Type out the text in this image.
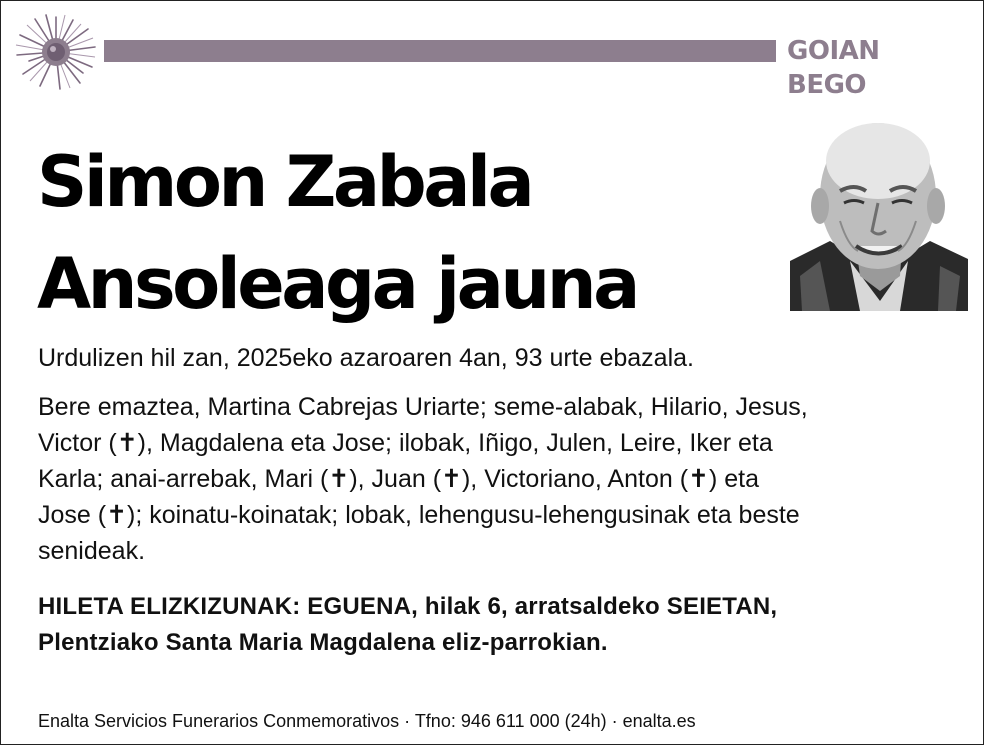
GOIAN BEGO
Simon Zabala
Ansoleaga jauna
Urdulizen hil zan, 2025eko azaroaren 4an, 93 urte ebazala.
Bere emaztea, Martina Cabrejas Uriarte; seme-alabak, Hilario, Jesus,
Victor (✝), Magdalena eta Jose; ilobak, Iñigo, Julen, Leire, Iker eta
Karla; anai-arrebak, Mari (✝), Juan (✝), Victoriano, Anton (✝) eta
Jose (✝); koinatu-koinatak; lobak, lehengusu-lehengusinak eta beste
senideak.
HILETA ELIZKIZUNAK: EGUENA, hilak 6, arratsaldeko SEIETAN,
Plentziako Santa Maria Magdalena eliz-parrokian.
Enalta Servicios Funerarios Conmemorativos · Tfno: 946 611 000 (24h) · enalta.es
